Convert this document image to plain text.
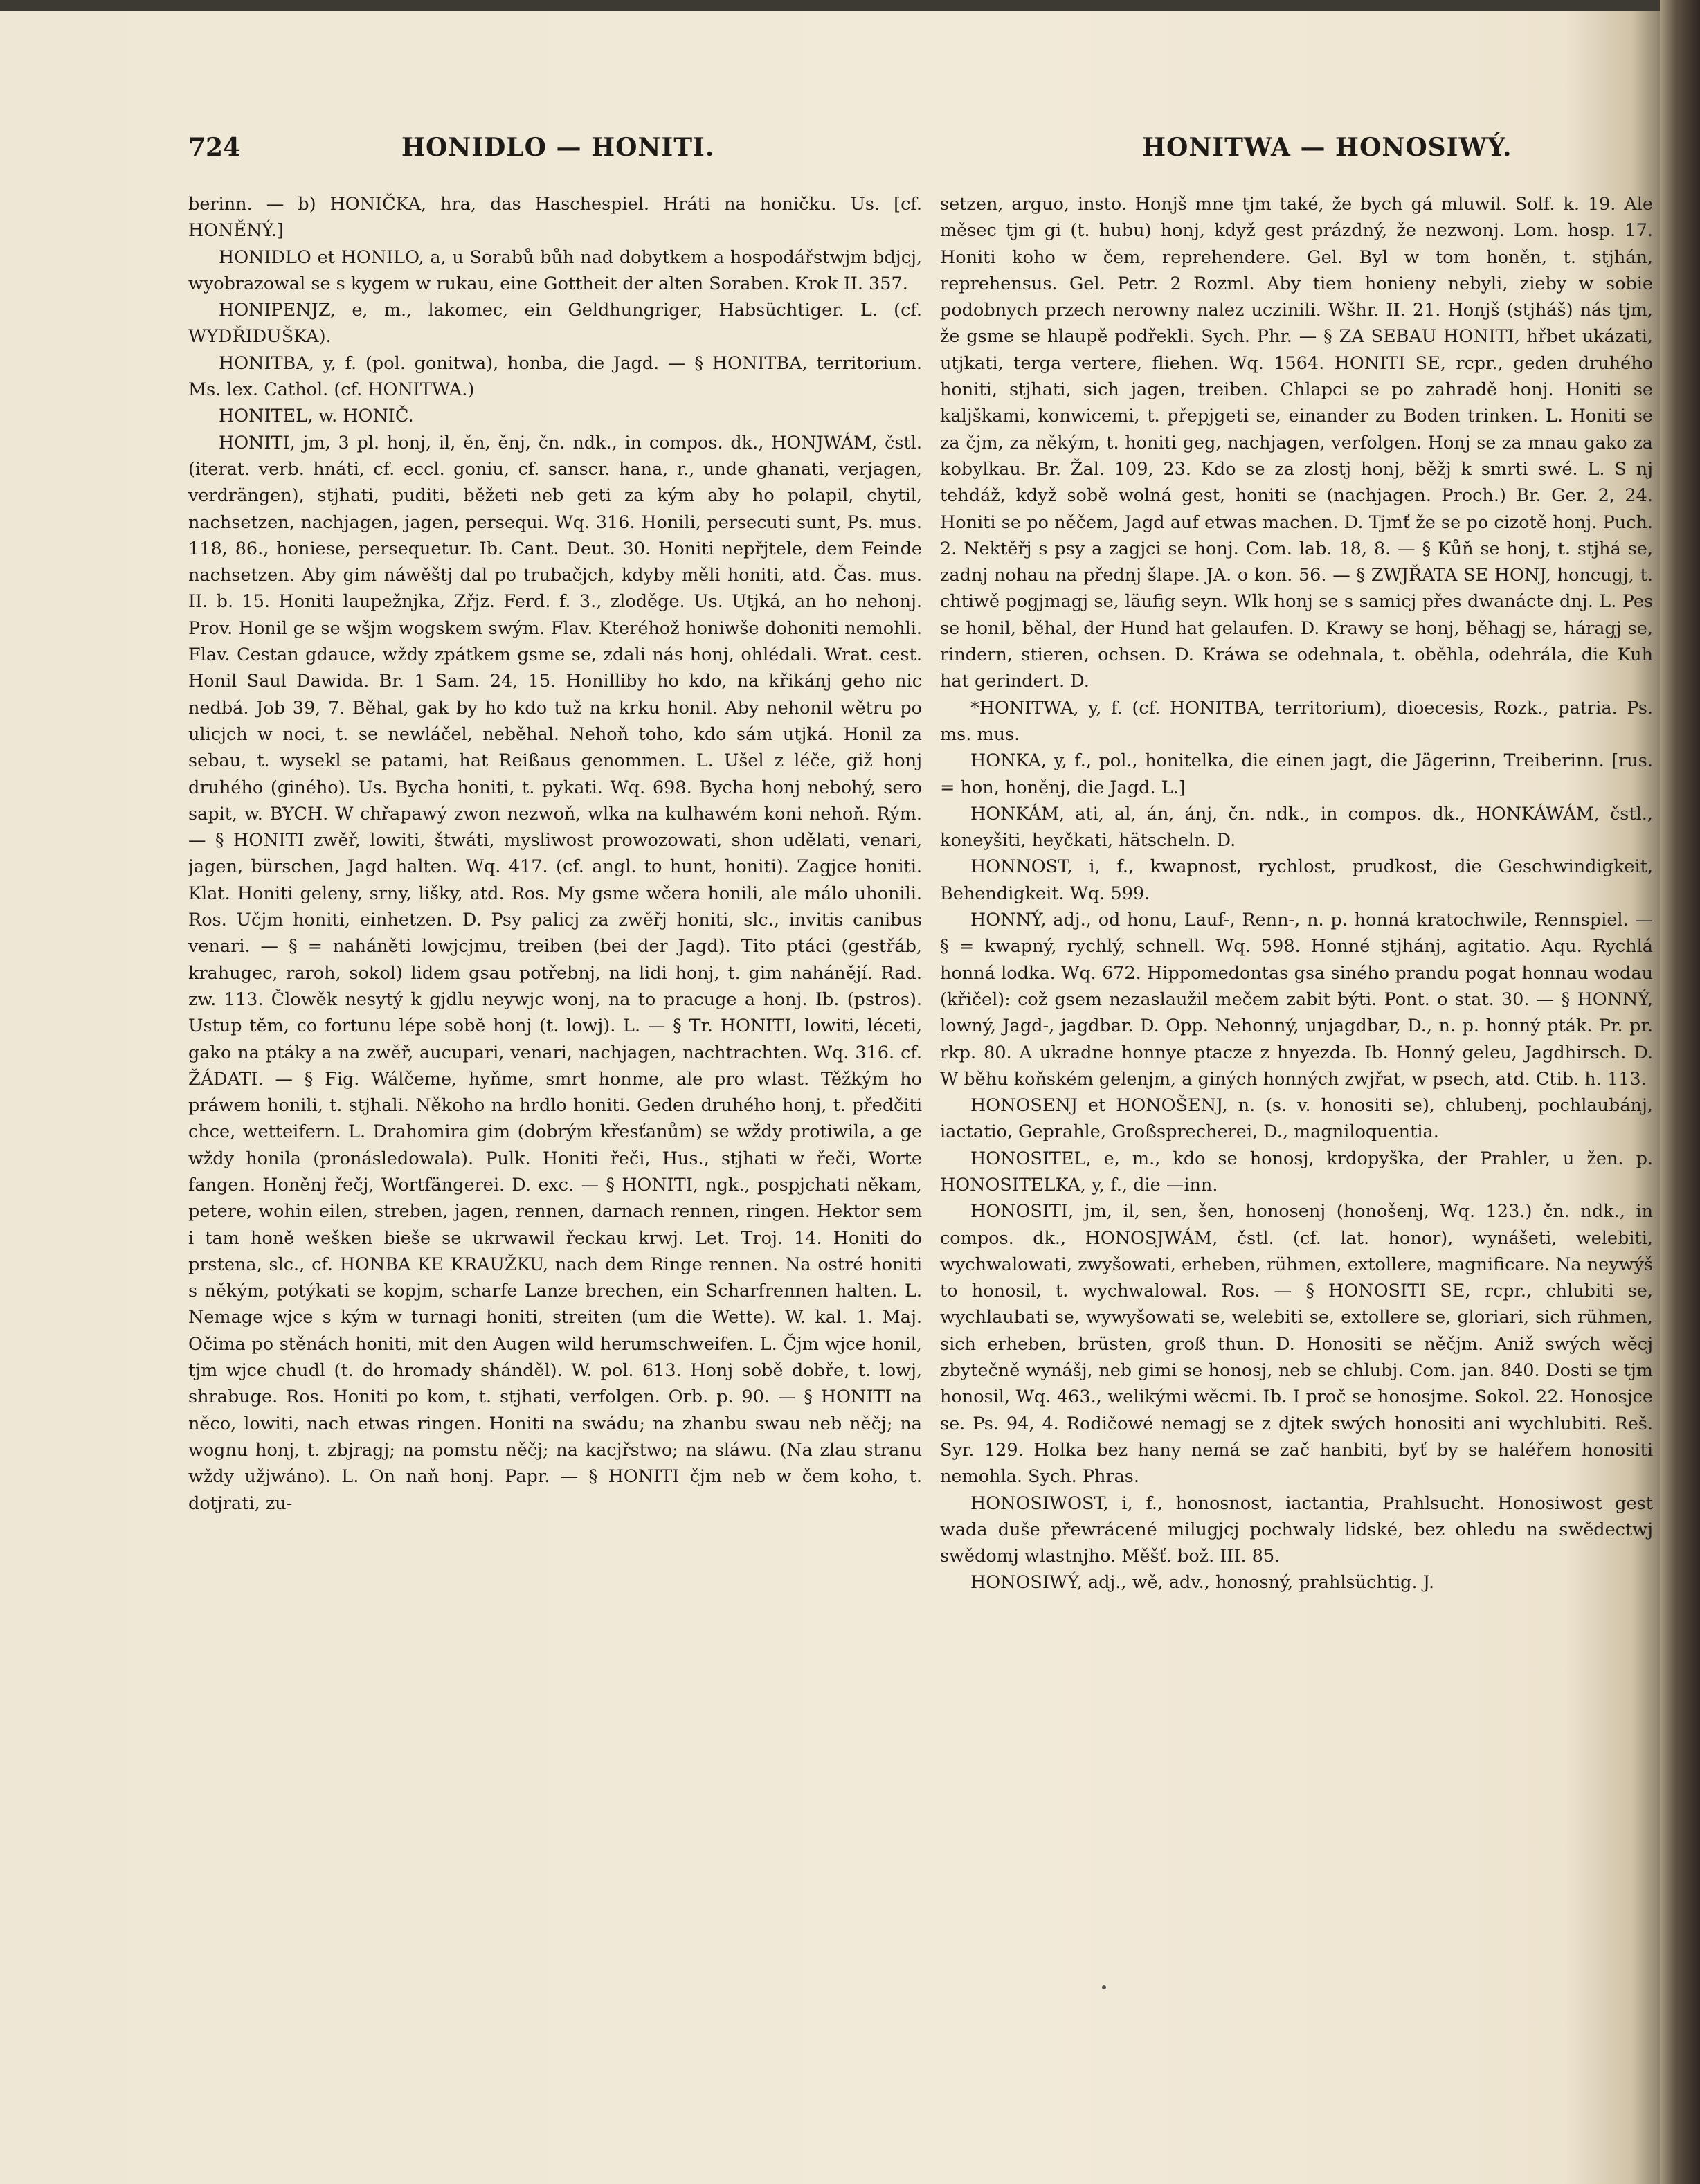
724	HONIDLO — HONITI.	HONITWA — HONOSIWÝ.

berinn. — b) HONIČKA, hra, das Haschespiel. Hráti na honičku. Us. [cf. HONĚNÝ.]

HONIDLO et HONILO, a, u Sorabů bůh nad dobytkem a hospodářstwjm bdjcj, wyobrazowal se s kygem w rukau, eine Gottheit der alten Soraben. Krok II. 357.

HONIPENJZ, e, m., lakomec, ein Geldhungriger, Habsüchtiger. L. (cf. WYDŘIDUŠKA).

HONITBA, y, f. (pol. gonitwa), honba, die Jagd. — § HONITBA, territorium. Ms. lex. Cathol. (cf. HONITWA.)

HONITEL, w. HONIČ.

HONITI, jm, 3 pl. honj, il, ěn, ěnj, čn. ndk., in compos. dk., HONJWÁM, čstl. (iterat. verb. hnáti, cf. eccl. goniu, cf. sanscr. hana, r., unde ghanati, verjagen, verdrängen), stjhati, puditi, běžeti neb geti za kým aby ho polapil, chytil, nachsetzen, nachjagen, jagen, persequi. Wq. 316. Honili, persecuti sunt, Ps. mus. 118, 86., honiese, persequetur. Ib. Cant. Deut. 30. Honiti nepřjtele, dem Feinde nachsetzen. Aby gim náwěštj dal po trubačjch, kdyby měli honiti, atd. Čas. mus. II. b. 15. Honiti laupežnjka, Zřjz. Ferd. f. 3., zloděge. Us. Utjká, an ho nehonj. Prov. Honil ge se wšjm wogskem swým. Flav. Kteréhož honiwše dohoniti nemohli. Flav. Cestan gdauce, wždy zpátkem gsme se, zdali nás honj, ohlédali. Wrat. cest. Honil Saul Dawida. Br. 1 Sam. 24, 15. Honilliby ho kdo, na křikánj geho nic nedbá. Job 39, 7. Běhal, gak by ho kdo tuž na krku honil. Aby nehonil wětru po ulicjch w noci, t. se newláčel, neběhal. Nehoň toho, kdo sám utjká. Honil za sebau, t. wysekl se patami, hat Reißaus genommen. L. Ušel z léče, giž honj druhého (giného). Us. Bycha honiti, t. pykati. Wq. 698. Bycha honj nebohý, sero sapit, w. BYCH. W chřapawý zwon nezwoň, wlka na kulhawém koni nehoň. Rým. — § HONITI zwěř, lowiti, štwáti, mysliwost prowozowati, shon udělati, venari, jagen, bürschen, Jagd halten. Wq. 417. (cf. angl. to hunt, honiti). Zagjce honiti. Klat. Honiti geleny, srny, lišky, atd. Ros. My gsme wčera honili, ale málo uhonili. Ros. Učjm honiti, einhetzen. D. Psy palicj za zwěřj honiti, slc., invitis canibus venari. — § = naháněti lowjcjmu, treiben (bei der Jagd). Tito ptáci (gestřáb, krahugec, raroh, sokol) lidem gsau potřebnj, na lidi honj, t. gim nahánějí. Rad. zw. 113. Člowěk nesytý k gjdlu neywjc wonj, na to pracuge a honj. Ib. (pstros). Ustup těm, co fortunu lépe sobě honj (t. lowj). L. — § Tr. HONITI, lowiti, léceti, gako na ptáky a na zwěř, aucupari, venari, nachjagen, nachtrachten. Wq. 316. cf. ŽÁDATI. — § Fig. Wálčeme, hyňme, smrt honme, ale pro wlast. Těžkým ho práwem honili, t. stjhali. Někoho na hrdlo honiti. Geden druhého honj, t. předčiti chce, wetteifern. L. Drahomira gim (dobrým křesťanům) se wždy protiwila, a ge wždy honila (pronásledowala). Pulk. Honiti řeči, Hus., stjhati w řeči, Worte fangen. Honěnj řečj, Wortfängerei. D. exc. — § HONITI, ngk., pospjchati někam, petere, wohin eilen, streben, jagen, rennen, darnach rennen, ringen. Hektor sem i tam honě wešken bieše se ukrwawil řeckau krwj. Let. Troj. 14. Honiti do prstena, slc., cf. HONBA KE KRAUŽKU, nach dem Ringe rennen. Na ostré honiti s někým, potýkati se kopjm, scharfe Lanze brechen, ein Scharfrennen halten. L. Nemage wjce s kým w turnagi honiti, streiten (um die Wette). W. kal. 1. Maj. Očima po stěnách honiti, mit den Augen wild herumschweifen. L. Čjm wjce honil, tjm wjce chudl (t. do hromady shánděl). W. pol. 613. Honj sobě dobře, t. lowj, shrabuge. Ros. Honiti po kom, t. stjhati, verfolgen. Orb. p. 90. — § HONITI na něco, lowiti, nach etwas ringen. Honiti na swádu; na zhanbu swau neb něčj; na wognu honj, t. zbjragj; na pomstu něčj; na kacjřstwo; na sláwu. (Na zlau stranu wždy užjwáno). L. On naň honj. Papr. — § HONITI čjm neb w čem koho, t. dotjrati, zu-

setzen, arguo, insto. Honjš mne tjm také, že bych gá mluwil. Solf. k. 19. Ale měsec tjm gi (t. hubu) honj, když gest prázdný, že nezwonj. Lom. hosp. 17. Honiti koho w čem, reprehendere. Gel. Byl w tom honěn, t. stjhán, reprehensus. Gel. Petr. 2 Rozml. Aby tiem honieny nebyli, zieby w sobie podobnych przech nerowny nalez uczinili. Wšhr. II. 21. Honjš (stjháš) nás tjm, že gsme se hlaupě podřekli. Sych. Phr. — § ZA SEBAU HONITI, hřbet ukázati, utjkati, terga vertere, fliehen. Wq. 1564. HONITI SE, rcpr., geden druhého honiti, stjhati, sich jagen, treiben. Chlapci se po zahradě honj. Honiti se kaljškami, konwicemi, t. přepjgeti se, einander zu Boden trinken. L. Honiti se za čjm, za někým, t. honiti geg, nachjagen, verfolgen. Honj se za mnau gako za kobylkau. Br. Žal. 109, 23. Kdo se za zlostj honj, běžj k smrti swé. L. S nj tehdáž, když sobě wolná gest, honiti se (nachjagen. Proch.) Br. Ger. 2, 24. Honiti se po něčem, Jagd auf etwas machen. D. Tjmť že se po cizotě honj. Puch. 2. Nektěřj s psy a zagjci se honj. Com. lab. 18, 8. — § Kůň se honj, t. stjhá se, zadnj nohau na přednj šlape. JA. o kon. 56. — § ZWJŘATA SE HONJ, honcugj, t. chtiwě pogjmagj se, läufig seyn. Wlk honj se s samicj přes dwanácte dnj. L. Pes se honil, běhal, der Hund hat gelaufen. D. Krawy se honj, běhagj se, háragj se, rindern, stieren, ochsen. D. Kráwa se odehnala, t. oběhla, odehrála, die Kuh hat gerindert. D.

*HONITWA, y, f. (cf. HONITBA, territorium), dioecesis, Rozk., patria. Ps. ms. mus.

HONKA, y, f., pol., honitelka, die einen jagt, die Jägerinn, Treiberinn. [rus. = hon, honěnj, die Jagd. L.]

HONKÁM, ati, al, án, ánj, čn. ndk., in compos. dk., HONKÁWÁM, čstl., koneyšiti, heyčkati, hätscheln. D.

HONNOST, i, f., kwapnost, rychlost, prudkost, die Geschwindigkeit, Behendigkeit. Wq. 599.

HONNÝ, adj., od honu, Lauf-, Renn-, n. p. honná kratochwile, Rennspiel. — § = kwapný, rychlý, schnell. Wq. 598. Honné stjhánj, agitatio. Aqu. Rychlá honná lodka. Wq. 672. Hippomedontas gsa siného prandu pogat honnau wodau (křičel): což gsem nezaslaužil mečem zabit býti. Pont. o stat. 30. — § HONNÝ, lowný, Jagd-, jagdbar. D. Opp. Nehonný, unjagdbar, D., n. p. honný pták. Pr. pr. rkp. 80. A ukradne honnye ptacze z hnyezda. Ib. Honný geleu, Jagdhirsch. D. W běhu koňském gelenjm, a giných honných zwjřat, w psech, atd. Ctib. h. 113.

HONOSENJ et HONOŠENJ, n. (s. v. honositi se), chlubenj, pochlaubánj, iactatio, Geprahle, Großsprecherei, D., magniloquentia.

HONOSITEL, e, m., kdo se honosj, krdopyška, der Prahler, u žen. p. HONOSITELKA, y, f., die —inn.

HONOSITI, jm, il, sen, šen, honosenj (honošenj, Wq. 123.) čn. ndk., in compos. dk., HONOSJWÁM, čstl. (cf. lat. honor), wynášeti, welebiti, wychwalowati, zwyšowati, erheben, rühmen, extollere, magnificare. Na neywýš to honosil, t. wychwalowal. Ros. — § HONOSITI SE, rcpr., chlubiti se, wychlaubati se, wywyšowati se, welebiti se, extollere se, gloriari, sich rühmen, sich erheben, brüsten, groß thun. D. Honositi se něčjm. Aniž swých wěcj zbytečně wynášj, neb gimi se honosj, neb se chlubj. Com. jan. 840. Dosti se tjm honosil, Wq. 463., welikými wěcmi. Ib. I proč se honosjme. Sokol. 22. Honosjce se. Ps. 94, 4. Rodičowé nemagj se z djtek swých honositi ani wychlubiti. Reš. Syr. 129. Holka bez hany nemá se zač hanbiti, byť by se haléřem honositi nemohla. Sych. Phras.

HONOSIWOST, i, f., honosnost, iactantia, Prahlsucht. Honosiwost gest wada duše přewrácené milugjcj pochwaly lidské, bez ohledu na swědectwj swědomj wlastnjho. Měšť. bož. III. 85.

HONOSIWÝ, adj., wě, adv., honosný, prahlsüchtig. J.
